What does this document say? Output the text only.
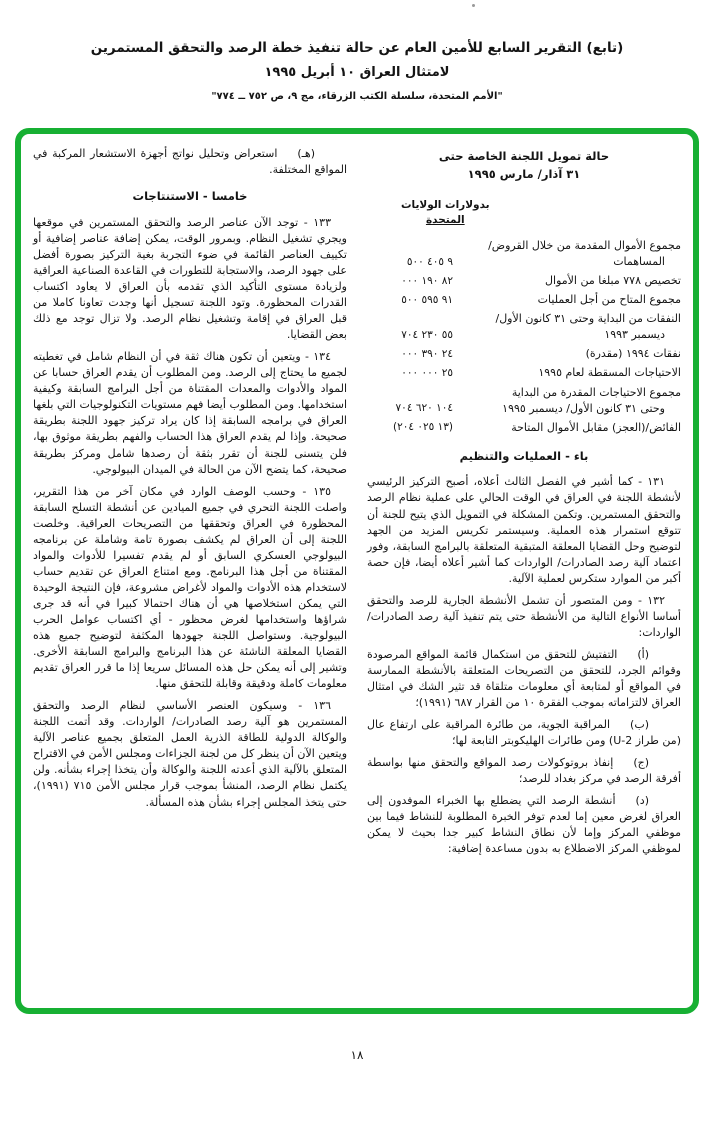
(تابع) التقرير السابع للأمين العام عن حالة تنفيذ خطة الرصد والتحقق المستمرين
لامتثال العراق ١٠ أبريل ١٩٩٥
"الأمم المتحدة، سلسلة الكتب الزرقاء، مج ٩، ص ٧٥٢ ــ ٧٧٤"
حالة تمويل اللجنة الخاصة حتى
٣١ آذار/ مارس ١٩٩٥
بدولارات الولايات
المتحدة
مجموع الأموال المقدمة من خلال القروض/
المساهمات
٩ ٤٠٥ ٥٠٠
تخصيص ٧٧٨ مبلغا من الأموال
٨٢ ١٩٠ ٠٠٠
مجموع المتاح من أجل العمليات
٩١ ٥٩٥ ٥٠٠
النفقات من البداية وحتى ٣١ كانون الأول/
ديسمبر ١٩٩٣
٥٥ ٢٣٠ ٧٠٤
نفقات ١٩٩٤ (مقدرة)
٢٤ ٣٩٠ ٠٠٠
الاحتياجات المسقطة لعام ١٩٩٥
٢٥ ٠٠٠ ٠٠٠
مجموع الاحتياجات المقدرة من البداية
وحتى ٣١ كانون الأول/ ديسمبر ١٩٩٥
١٠٤ ٦٢٠ ٧٠٤
الفائض/(العجز) مقابل الأموال المتاحة
(١٣ ٠٢٥ ٢٠٤)
باء - العمليات والتنظيم

١٣١ - كما أشير في الفصل الثالث أعلاه، أصبح التركيز الرئيسي لأنشطة اللجنة في العراق في الوقت الحالي على عملية نظام الرصد والتحقق المستمرين. وتكمن المشكلة في التمويل الذي يتيح للجنة أن تتوقع استمرار هذه العملية. وسيستمر تكريس المزيد من الجهد لتوضيح وحل القضايا المعلقة المتبقية المتعلقة بالبرامج السابقة، وفور اعتماد آلية رصد الصادرات/ الواردات كما أشير أعلاه أيضا، فإن حصة أكبر من الموارد ستكرس لعملية الآلية.

١٣٢ - ومن المتصور أن تشمل الأنشطة الجارية للرصد والتحقق أساسا الأنواع التالية من الأنشطة حتى يتم تنفيذ آلية رصد الصادرات/ الواردات:

(أ)التفتيش للتحقق من استكمال قائمة المواقع المرصودة وقوائم الجرد، للتحقق من التصريحات المتعلقة بالأنشطة الممارسة في المواقع أو لمتابعة أي معلومات متلقاة قد تثير الشك في امتثال العراق لالتزاماته بموجب الفقرة ١٠ من القرار ٦٨٧ (١٩٩١)؛

(ب)المراقبة الجوية، من طائرة المراقبة على ارتفاع عال (من طراز U-2) ومن طائرات الهليكوبتر التابعة لها؛

(ج)إنفاذ بروتوكولات رصد المواقع والتحقق منها بواسطة أفرقة الرصد في مركز بغداد للرصد؛

(د)أنشطة الرصد التي يضطلع بها الخبراء الموفدون إلى العراق لغرض معين إما لعدم توفر الخبرة المطلوبة للنشاط فيما بين موظفي المركز وإما لأن نطاق النشاط كبير جدا بحيث لا يمكن لموظفي المركز الاضطلاع به بدون مساعدة إضافية:

(هـ)استعراض وتحليل نواتج أجهزة الاستشعار المركبة في المواقع المختلفة.

خامسا - الاستنتاجات

١٣٣ - توجد الآن عناصر الرصد والتحقق المستمرين في موقعها ويجري تشغيل النظام. وبمرور الوقت، يمكن إضافة عناصر إضافية أو تكييف العناصر القائمة في ضوء التجربة بغية التركيز بصورة أفضل على جهود الرصد، والاستجابة للتطورات في القاعدة الصناعية العراقية ولزيادة مستوى التأكيد الذي تقدمه بأن العراق لا يعاود اكتساب القدرات المحظورة. وتود اللجنة تسجيل أنها وجدت تعاونا كاملا من قبل العراق في إقامة وتشغيل نظام الرصد. ولا تزال توجد مع ذلك بعض القضايا.

١٣٤ - ويتعين أن تكون هناك ثقة في أن النظام شامل في تغطيته لجميع ما يحتاج إلى الرصد. ومن المطلوب أن يقدم العراق حسابا عن المواد والأدوات والمعدات المقتناة من أجل البرامج السابقة وكيفية استخدامها. ومن المطلوب أيضا فهم مستويات التكنولوجيات التي بلغها العراق في برامجه السابقة إذا كان يراد تركيز جهود اللجنة بطريقة صحيحة. وإذا لم يقدم العراق هذا الحساب والفهم بطريقة موثوق بها، فلن يتسنى للجنة أن تقرر بثقة أن رصدها شامل ومركز بطريقة صحيحة، كما يتضح الآن من الحالة في الميدان البيولوجي.

١٣٥ - وحسب الوصف الوارد في مكان آخر من هذا التقرير، واصلت اللجنة التحري في جميع الميادين عن أنشطة التسلح السابقة المحظورة في العراق وتحققها من التصريحات العراقية. وخلصت اللجنة إلى أن العراق لم يكشف بصورة تامة وشاملة عن برنامجه البيولوجي العسكري السابق أو لم يقدم تفسيرا للأدوات والمواد المقتناة من أجل هذا البرنامج. ومع امتناع العراق عن تقديم حساب لاستخدام هذه الأدوات والمواد لأغراض مشروعة، فإن النتيجة الوحيدة التي يمكن استخلاصها هي أن هناك احتمالا كبيرا في أنه قد جرى شراؤها واستخدامها لغرض محظور - أي اكتساب عوامل الحرب البيولوجية. وستواصل اللجنة جهودها المكثفة لتوضيح جميع هذه القضايا المعلقة الناشئة عن هذا البرنامج والبرامج السابقة الأخرى. وتشير إلى أنه يمكن حل هذه المسائل سريعا إذا ما قرر العراق تقديم معلومات كاملة ودقيقة وقابلة للتحقق منها.

١٣٦ - وسيكون العنصر الأساسي لنظام الرصد والتحقق المستمرين هو آلية رصد الصادرات/ الواردات. وقد أتمت اللجنة والوكالة الدولية للطاقة الذرية العمل المتعلق بجميع عناصر الآلية ويتعين الآن أن ينظر كل من لجنة الجزاءات ومجلس الأمن في الاقتراح المتعلق بالآلية الذي أعدته اللجنة والوكالة وأن يتخذا إجراء بشأنه. ولن يكتمل نظام الرصد، المنشأ بموجب قرار مجلس الأمن ٧١٥ (١٩٩١)، حتى يتخذ المجلس إجراء بشأن هذه المسألة.

١٨
